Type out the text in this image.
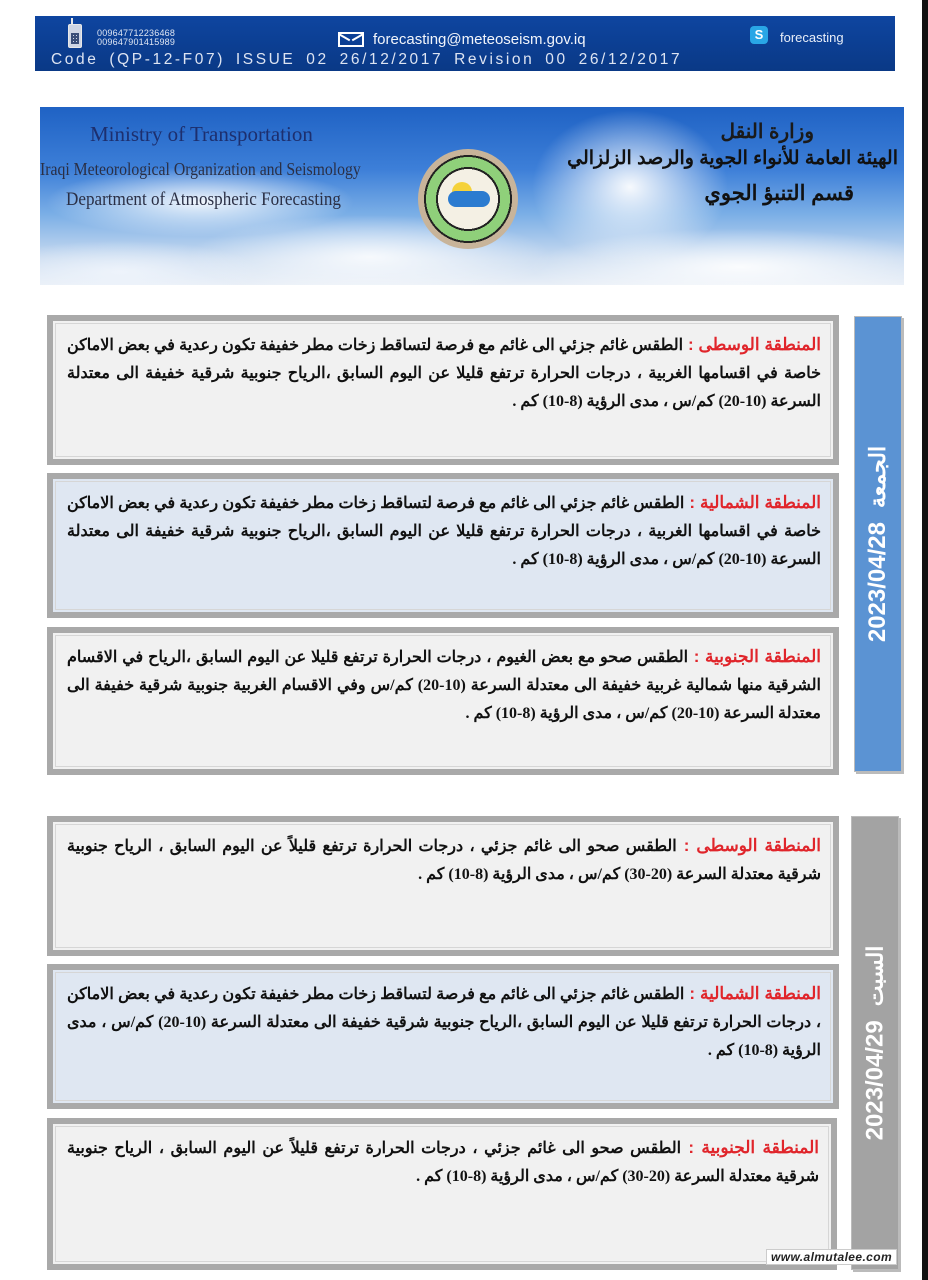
009647712236468
009647901415989	forecasting@meteoseism.gov.iq	S	forecasting
Code (QP-12-F07) ISSUE 02 26/12/2017 Revision 00 26/12/2017
Ministry of Transportation
Iraqi Meteorological Organization and Seismology
Department of Atmospheric Forecasting
وزارة النقل
الهيئة العامة للأنواء الجوية والرصد الزلزالي
قسم التنبؤ الجوي
المنطقة الوسطى : الطقس غائم جزئي الى غائم مع فرصة لتساقط زخات مطر خفيفة تكون رعدية في بعض الاماكن خاصة في اقسامها الغربية ، درجات الحرارة ترتفع قليلا عن اليوم السابق ،الرياح جنوبية شرقية خفيفة الى معتدلة السرعة (10-20) كم/س ، مدى الرؤية (8-10) كم .
المنطقة الشمالية : الطقس غائم جزئي الى غائم مع فرصة لتساقط زخات مطر خفيفة تكون رعدية في بعض الاماكن خاصة في اقسامها الغربية ، درجات الحرارة ترتفع قليلا عن اليوم السابق ،الرياح جنوبية شرقية خفيفة الى معتدلة السرعة (10-20) كم/س ، مدى الرؤية (8-10) كم .
المنطقة الجنوبية : الطقس صحو مع بعض الغيوم ، درجات الحرارة ترتفع قليلا عن اليوم السابق ،الرياح في الاقسام الشرقية منها شمالية غربية خفيفة الى معتدلة السرعة (10-20) كم/س وفي الاقسام الغربية جنوبية شرقية خفيفة الى معتدلة السرعة (10-20) كم/س ، مدى الرؤية (8-10) كم .
2023/04/28
الجمعة
المنطقة الوسطى : الطقس صحو الى غائم جزئي ، درجات الحرارة ترتفع قليلاً عن اليوم السابق ، الرياح جنوبية شرقية معتدلة السرعة (20-30) كم/س ، مدى الرؤية (8-10) كم .
المنطقة الشمالية : الطقس غائم جزئي الى غائم مع فرصة لتساقط زخات مطر خفيفة تكون رعدية في بعض الاماكن ، درجات الحرارة ترتفع قليلا عن اليوم السابق ،الرياح جنوبية شرقية خفيفة الى معتدلة السرعة (10-20) كم/س ، مدى الرؤية (8-10) كم .
المنطقة الجنوبية : الطقس صحو الى غائم جزئي ، درجات الحرارة ترتفع قليلاً عن اليوم السابق ، الرياح جنوبية شرقية معتدلة السرعة (20-30) كم/س ، مدى الرؤية (8-10) كم .
2023/04/29
السبت
www.almutalee.com
